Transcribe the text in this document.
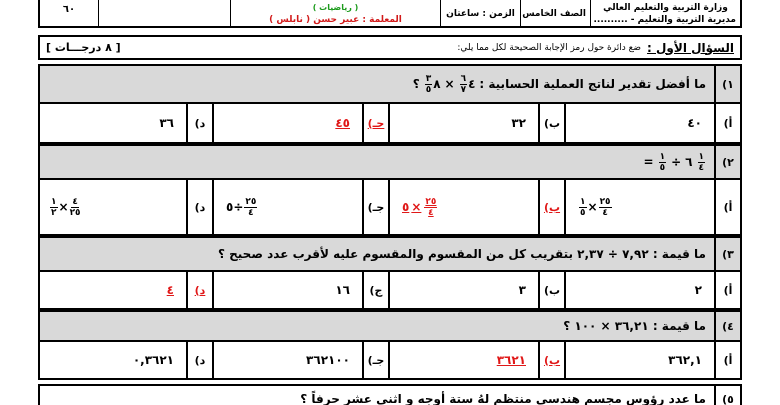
وزارة التربية والتعليم العالي
مديرية التربية والتعليم - ..........
الصف الخامس
الزمن : ساعتان
( رياضيات )
المعلمة : عبير حسن ( نابلس )
٦٠
السؤال الأول :
ضع دائرة حول رمز الإجابة الصحيحة لكل مما يلي:
[ ٨ درجـــات ]
١)
ما أفضل تقدير لناتج العملية الحسابية :
$\frac{٦}{٧}$ ٤
×
$\frac{٣}{٥}$ ٨
؟
أ)
٤٠
ب)
٣٢
جـ)
٤٥
د)
٣٦
٢)
= $\frac{١}{٥}$ ÷ ٦ $\frac{١}{٤}$
أ)
$\frac{١}{٥} \times \frac{٢٥}{٤}$
ب)
٥ × $\frac{٢٥}{٤}$
جـ)
٥ ÷ $\frac{٢٥}{٤}$
د)
$\frac{١}{٢} \times \frac{٤}{٢٥}$
٣)
ما قيمة : ٧,٩٢ ÷ ٢,٣٧ بتقريب كل من المقسوم والمقسوم عليه لأقرب عدد صحيح ؟
أ)
٢
ب)
٣
ج)
١٦
د)
٤
٤)
ما قيمة : ٣٦,٢١ × ١٠٠ ؟
أ)
٣٦٢,١
ب)
٣٦٢١
جـ)
٣٦٢١٠٠
د)
٠,٣٦٢١
٥)
ما عدد رؤوس مجسم هندسي منتظم لهُ ستة أوجه و اثني عشر حرفاً ؟
